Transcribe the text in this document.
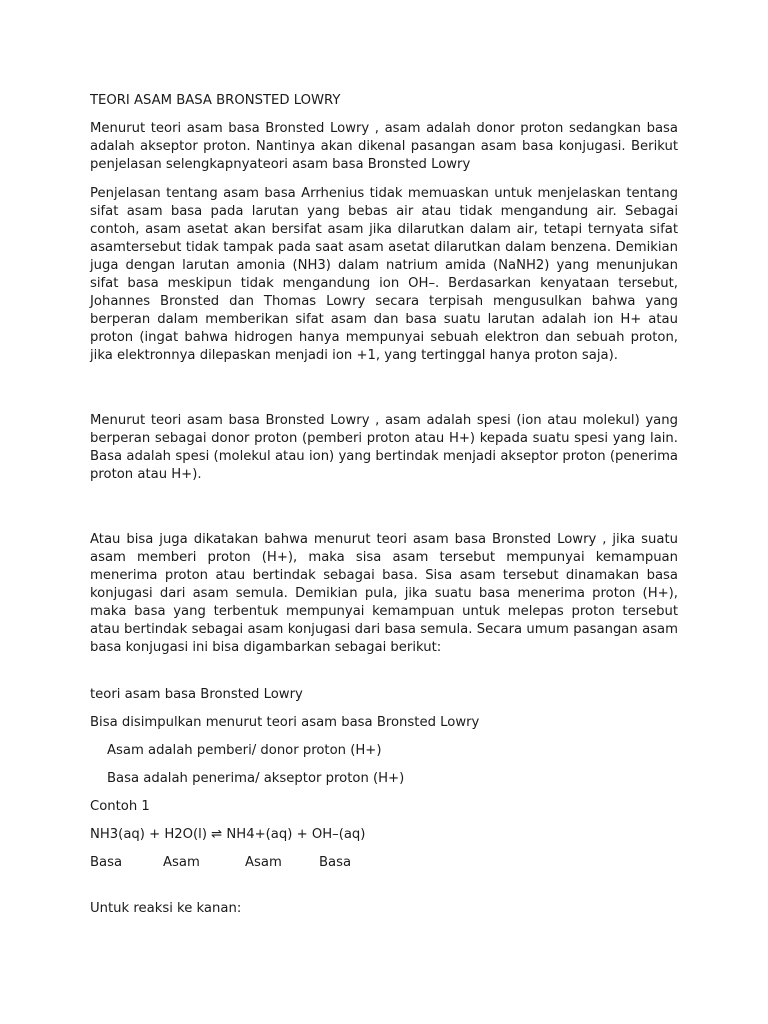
TEORI ASAM BASA BRONSTED LOWRY

Menurut teori asam basa Bronsted Lowry , asam adalah donor proton sedangkan basa adalah akseptor proton. Nantinya akan dikenal pasangan asam basa konjugasi. Berikut penjelasan selengkapnyateori asam basa Bronsted Lowry

Penjelasan tentang asam basa Arrhenius tidak memuaskan untuk menjelaskan tentang sifat asam basa pada larutan yang bebas air atau tidak mengandung air. Sebagai contoh, asam asetat akan bersifat asam jika dilarutkan dalam air, tetapi ternyata sifat asamtersebut tidak tampak pada saat asam asetat dilarutkan dalam benzena. Demikian juga dengan larutan amonia (NH3) dalam natrium amida (NaNH2) yang menunjukan sifat basa meskipun tidak mengandung ion OH–. Berdasarkan kenyataan tersebut, Johannes Bronsted dan Thomas Lowry secara terpisah mengusulkan bahwa yang berperan dalam memberikan sifat asam dan basa suatu larutan adalah ion H+ atau proton (ingat bahwa hidrogen hanya mempunyai sebuah elektron dan sebuah proton, jika elektronnya dilepaskan menjadi ion +1, yang tertinggal hanya proton saja).

Menurut teori asam basa Bronsted Lowry , asam adalah spesi (ion atau molekul) yang berperan sebagai donor proton (pemberi proton atau H+) kepada suatu spesi yang lain. Basa adalah spesi (molekul atau ion) yang bertindak menjadi akseptor proton (penerima proton atau H+).

Atau bisa juga dikatakan bahwa menurut teori asam basa Bronsted Lowry , jika suatu asam memberi proton (H+), maka sisa asam tersebut mempunyai kemampuan menerima proton atau bertindak sebagai basa. Sisa asam tersebut dinamakan basa konjugasi dari asam semula. Demikian pula, jika suatu basa menerima proton (H+), maka basa yang terbentuk mempunyai kemampuan untuk melepas proton tersebut atau bertindak sebagai asam konjugasi dari basa semula. Secara umum pasangan asam basa konjugasi ini bisa digambarkan sebagai berikut:

teori asam basa Bronsted Lowry
Bisa disimpulkan menurut teori asam basa Bronsted Lowry
Asam adalah pemberi/ donor proton (H+)
Basa adalah penerima/ akseptor proton (H+)
Contoh 1
NH3(aq) + H2O(l) ⇌ NH4+(aq) + OH–(aq)
Basa	Asam	Asam	Basa
Untuk reaksi ke kanan:
